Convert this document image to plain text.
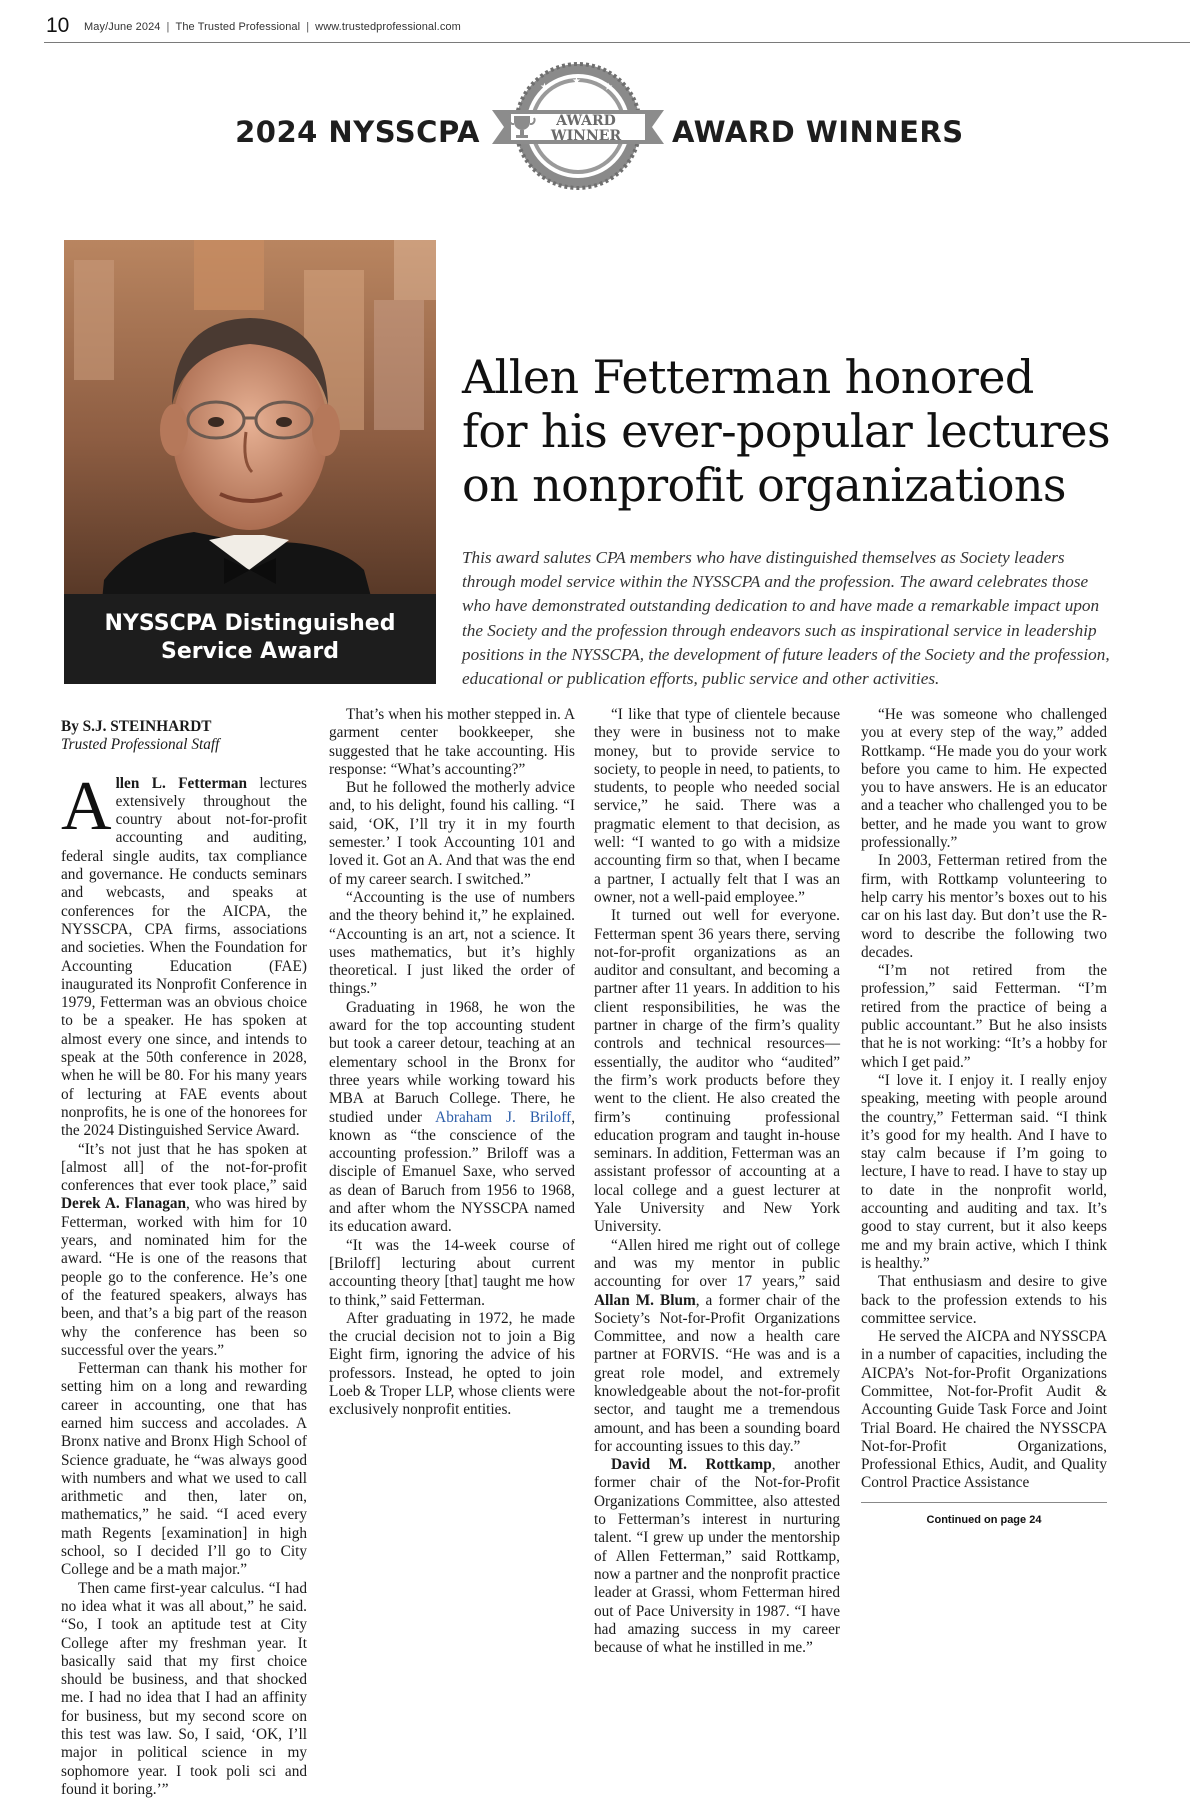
10 May/June 2024 | The Trusted Professional | www.trustedprofessional.com
2024 NYSSCPA	AWARD
WINNER
★
★
★
AWARD WINNERS
NYSSCPA Distinguished
Service Award
Allen Fetterman honored
for his ever-popular lectures
on nonprofit organizations
This award salutes CPA members who have distinguished themselves as Society leaders through model service within the NYSSCPA and the profession. The award celebrates those who have demonstrated outstanding dedication to and have made a remarkable impact upon the Society and the profession through endeavors such as inspirational service in leadership positions in the NYSSCPA, the development of future leaders of the Society and the profession, educational or publication efforts, public service and other activities.
By S.J. STEINHARDT
Trusted Professional Staff

Allen L. Fetterman lectures extensively throughout the country about not-for-profit accounting and auditing, federal single audits, tax compliance and governance. He conducts seminars and webcasts, and speaks at conferences for the AICPA, the NYSSCPA, CPA firms, associations and societies. When the Foundation for Accounting Education (FAE) inaugurated its Nonprofit Conference in 1979, Fetterman was an obvious choice to be a speaker. He has spoken at almost every one since, and intends to speak at the 50th conference in 2028, when he will be 80. For his many years of lecturing at FAE events about nonprofits, he is one of the honorees for the 2024 Distinguished Service Award.

“It’s not just that he has spoken at [almost all] of the not-for-profit conferences that ever took place,” said Derek A. Flanagan, who was hired by Fetterman, worked with him for 10 years, and nominated him for the award. “He is one of the reasons that people go to the conference. He’s one of the featured speakers, always has been, and that’s a big part of the reason why the conference has been so successful over the years.”

Fetterman can thank his mother for setting him on a long and rewarding career in accounting, one that has earned him success and accolades. A Bronx native and Bronx High School of Science graduate, he “was always good with numbers and what we used to call arithmetic and then, later on, mathematics,” he said. “I aced every math Regents [examination] in high school, so I decided I’ll go to City College and be a math major.”

Then came first-year calculus. “I had no idea what it was all about,” he said. “So, I took an aptitude test at City College after my freshman year. It basically said that my first choice should be business, and that shocked me. I had no idea that I had an affinity for business, but my second score on this test was law. So, I said, ‘OK, I’ll major in political science in my sophomore year. I took poli sci and found it boring.’”

That’s when his mother stepped in. A garment center bookkeeper, she suggested that he take accounting. His response: “What’s accounting?”

But he followed the motherly advice and, to his delight, found his calling. “I said, ‘OK, I’ll try it in my fourth semester.’ I took Accounting 101 and loved it. Got an A. And that was the end of my career search. I switched.”

“Accounting is the use of numbers and the theory behind it,” he explained. “Accounting is an art, not a science. It uses mathematics, but it’s highly theoretical. I just liked the order of things.”

Graduating in 1968, he won the award for the top accounting student but took a career detour, teaching at an elementary school in the Bronx for three years while working toward his MBA at Baruch College. There, he studied under Abraham J. Briloff, known as “the conscience of the accounting profession.” Briloff was a disciple of Emanuel Saxe, who served as dean of Baruch from 1956 to 1968, and after whom the NYSSCPA named its education award.

“It was the 14-week course of [Briloff] lecturing about current accounting theory [that] taught me how to think,” said Fetterman.

After graduating in 1972, he made the crucial decision not to join a Big Eight firm, ignoring the advice of his professors. Instead, he opted to join Loeb & Troper LLP, whose clients were exclusively nonprofit entities.

“I like that type of clientele because they were in business not to make money, but to provide service to society, to people in need, to patients, to students, to people who needed social service,” he said. There was a pragmatic element to that decision, as well: “I wanted to go with a midsize accounting firm so that, when I became a partner, I actually felt that I was an owner, not a well-paid employee.”

It turned out well for everyone. Fetterman spent 36 years there, serving not-for-profit organizations as an auditor and consultant, and becoming a partner after 11 years. In addition to his client responsibilities, he was the partner in charge of the firm’s quality controls and technical resources—essentially, the auditor who “audited” the firm’s work products before they went to the client. He also created the firm’s continuing professional education program and taught in-house seminars. In addition, Fetterman was an assistant professor of accounting at a local college and a guest lecturer at Yale University and New York University.

“Allen hired me right out of college and was my mentor in public accounting for over 17 years,” said Allan M. Blum, a former chair of the Society’s Not-for-Profit Organizations Committee, and now a health care partner at FORVIS. “He was and is a great role model, and extremely knowledgeable about the not-for-profit sector, and taught me a tremendous amount, and has been a sounding board for accounting issues to this day.”

David M. Rottkamp, another former chair of the Not-for-Profit Organizations Committee, also attested to Fetterman’s interest in nurturing talent. “I grew up under the mentorship of Allen Fetterman,” said Rottkamp, now a partner and the nonprofit practice leader at Grassi, whom Fetterman hired out of Pace University in 1987. “I have had amazing success in my career because of what he instilled in me.”

“He was someone who challenged you at every step of the way,” added Rottkamp. “He made you do your work before you came to him. He expected you to have answers. He is an educator and a teacher who challenged you to be better, and he made you want to grow professionally.”

In 2003, Fetterman retired from the firm, with Rottkamp volunteering to help carry his mentor’s boxes out to his car on his last day. But don’t use the R-word to describe the following two decades.

“I’m not retired from the profession,” said Fetterman. “I’m retired from the practice of being a public accountant.” But he also insists that he is not working: “It’s a hobby for which I get paid.”

“I love it. I enjoy it. I really enjoy speaking, meeting with people around the country,” Fetterman said. “I think it’s good for my health. And I have to stay calm because if I’m going to lecture, I have to read. I have to stay up to date in the nonprofit world, accounting and auditing and tax. It’s good to stay current, but it also keeps me and my brain active, which I think is healthy.”

That enthusiasm and desire to give back to the profession extends to his committee service.

He served the AICPA and NYSSCPA in a number of capacities, including the AICPA’s Not-for-Profit Organizations Committee, Not-for-Profit Audit & Accounting Guide Task Force and Joint Trial Board. He chaired the NYSSCPA Not-for-Profit Organizations, Professional Ethics, Audit, and Quality Control Practice Assistance

Continued on page 24
